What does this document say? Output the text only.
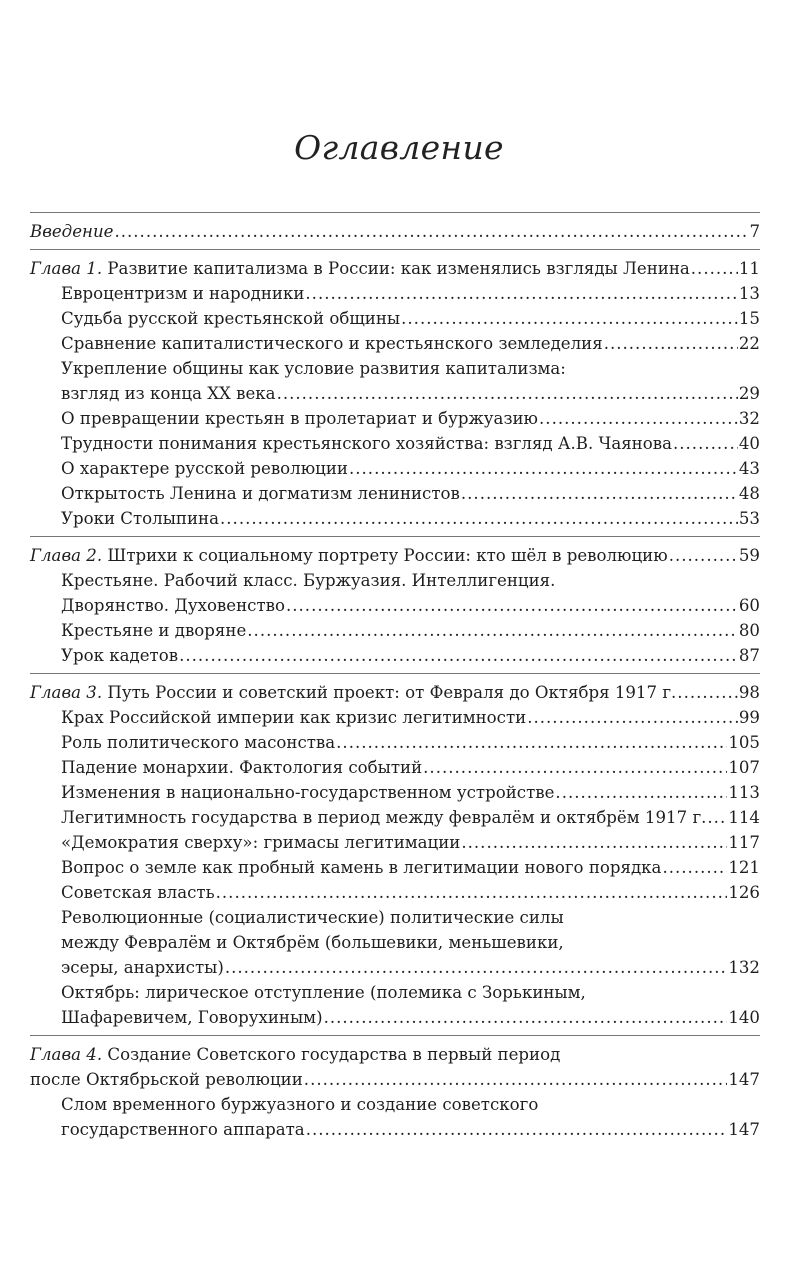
Оглавление
Введение .....	7
Глава 1. Развитие капитализма в России: как изменялись взгляды Ленина .....	11
Евроцентризм и народники .....	13
Судьба русской крестьянской общины .....	15
Сравнение капиталистического и крестьянского земледелия .....	22
Укрепление общины как условие развития капитализма:
взгляд из конца XX века .....	29
О превращении крестьян в пролетариат и буржуазию .....	32
Трудности понимания крестьянского хозяйства: взгляд А.В. Чаянова .....	40
О характере русской революции .....	43
Открытость Ленина и догматизм ленинистов .....	48
Уроки Столыпина .....	53
Глава 2. Штрихи к социальному портрету России: кто шёл в революцию .....	59
Крестьяне. Рабочий класс. Буржуазия. Интеллигенция.
Дворянство. Духовенство .....	60
Крестьяне и дворяне .....	80
Урок кадетов .....	87
Глава 3. Путь России и советский проект: от Февраля до Октября 1917 г. .....	98
Крах Российской империи как кризис легитимности .....	99
Роль политического масонства .....	105
Падение монархии. Фактология событий .....	107
Изменения в национально-государственном устройстве .....	113
Легитимность государства в период между февралём и октябрём 1917 г. ..... 114
«Демократия сверху»: гримасы легитимации .....	117
Вопрос о земле как пробный камень в легитимации нового порядка .....	121
Советская власть .....	126
Революционные (социалистические) политические силы
между Февралём и Октябрём (большевики, меньшевики,
эсеры, анархисты) .....	132
Октябрь: лирическое отступление (полемика с Зорькиным,
Шафаревичем, Говорухиным) .....	140
Глава 4. Создание Советского государства в первый период
после Октябрьской революции .....	147
Слом временного буржуазного и создание советского
государственного аппарата .....	147
